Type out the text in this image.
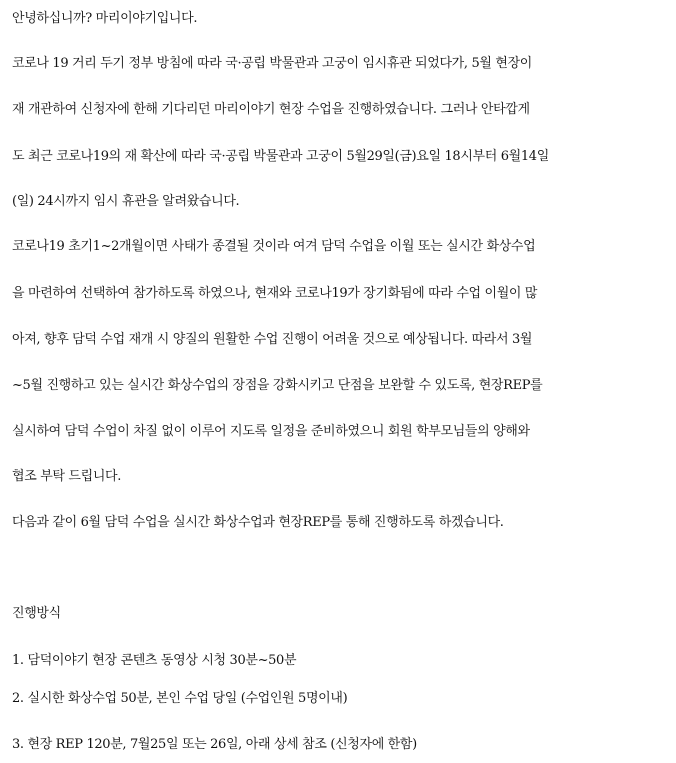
안녕하십니까? 마리이야기입니다.
코로나 19 거리 두기 정부 방침에 따라 국·공립 박물관과 고궁이 임시휴관 되었다가, 5월 현장이
재 개관하여 신청자에 한해 기다리던 마리이야기 현장 수업을 진행하였습니다. 그러나 안타깝게
도 최근 코로나19의 재 확산에 따라 국·공립 박물관과 고궁이 5월29일(금)요일 18시부터 6월14일
(일) 24시까지 임시 휴관을 알려왔습니다.
코로나19 초기1~2개월이면 사태가 종결될 것이라 여겨 담덕 수업을 이월 또는 실시간 화상수업
을 마련하여 선택하여 참가하도록 하였으나, 현재와 코로나19가 장기화됨에 따라 수업 이월이 많
아져, 향후 담덕 수업 재개 시 양질의 원활한 수업 진행이 어려울 것으로 예상됩니다. 따라서 3월
~5월 진행하고 있는 실시간 화상수업의 장점을 강화시키고 단점을 보완할 수 있도록, 현장REP를
실시하여 담덕 수업이 차질 없이 이루어 지도록 일정을 준비하였으니 회원 학부모님들의 양해와
협조 부탁 드립니다.
다음과 같이 6월 담덕 수업을 실시간 화상수업과 현장REP를 통해 진행하도록 하겠습니다.
진행방식
1. 담덕이야기 현장 콘텐츠 동영상 시청 30분~50분
2. 실시한 화상수업 50분, 본인 수업 당일 (수업인원 5명이내)
3. 현장 REP 120분, 7월25일 또는 26일, 아래 상세 참조 (신청자에 한함)
